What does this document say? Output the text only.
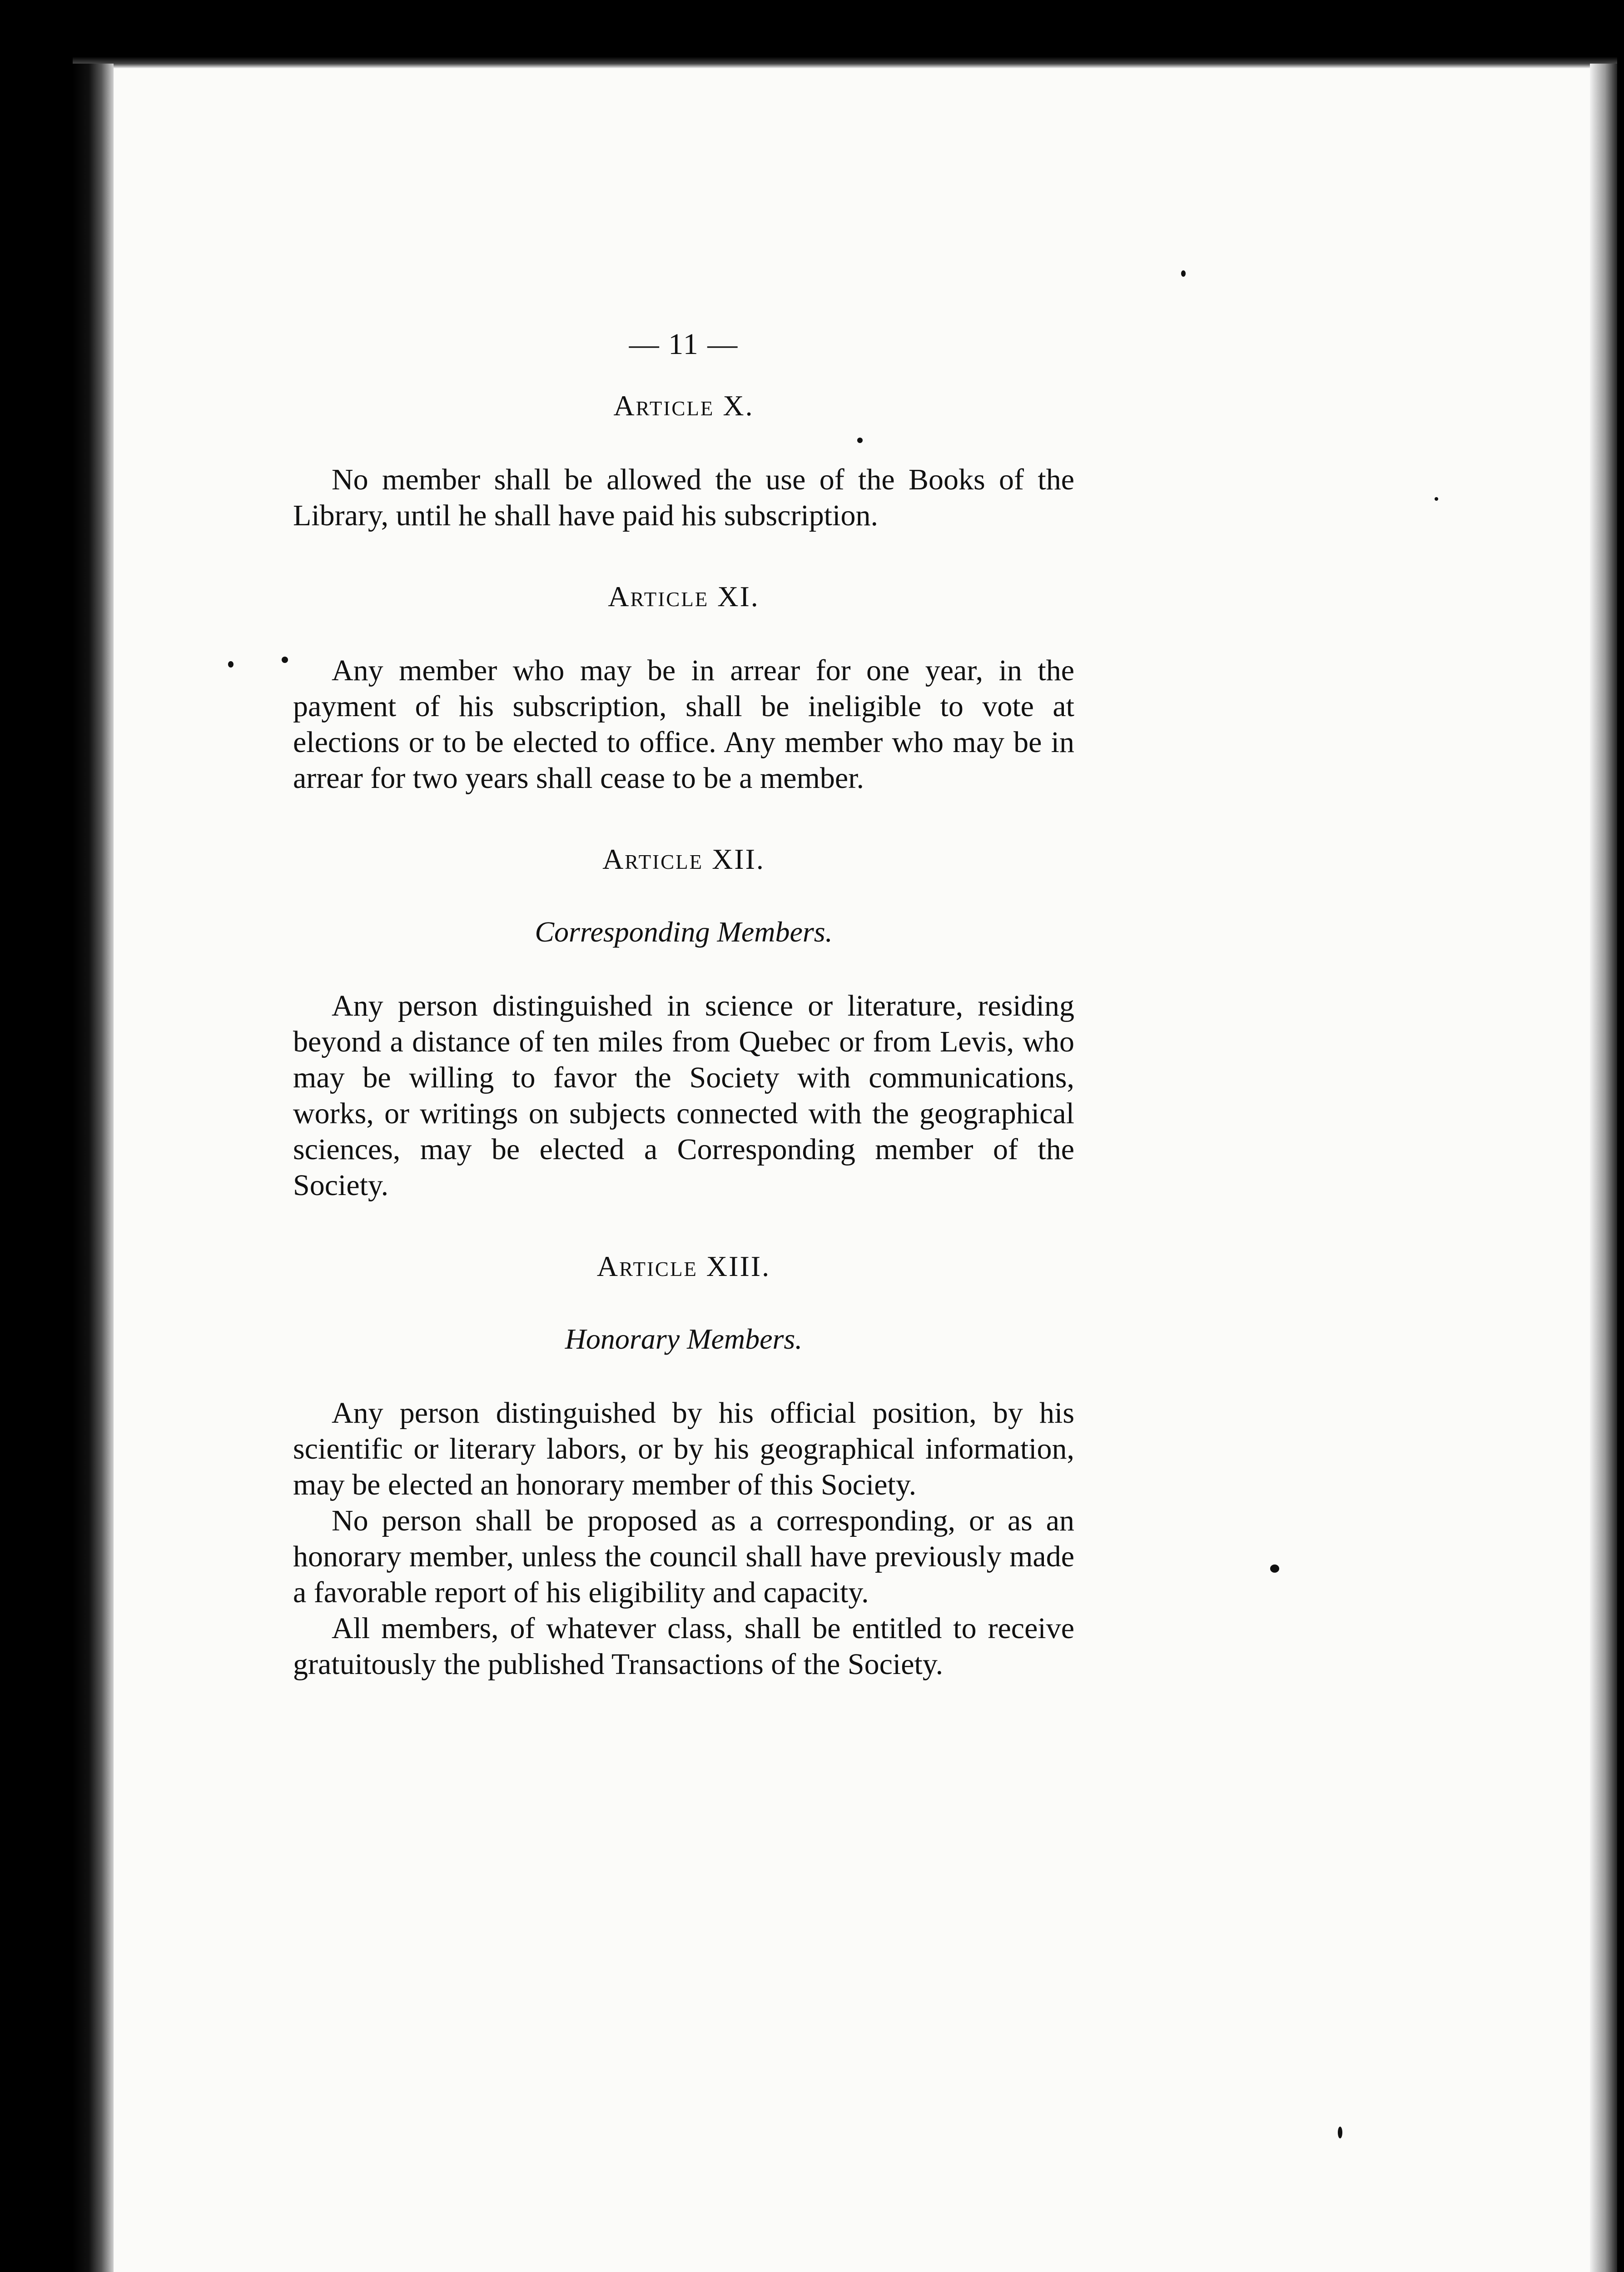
— 11 —
Article X.

No member shall be allowed the use of the Books of the Library, until he shall have paid his subscription.

Article XI.

Any member who may be in arrear for one year, in the payment of his subscription, shall be ineligible to vote at elections or to be elected to office. Any member who may be in arrear for two years shall cease to be a member.

Article XII.
Corresponding Members.

Any person distinguished in science or literature, residing beyond a distance of ten miles from Quebec or from Levis, who may be willing to favor the Society with communications, works, or writings on subjects connected with the geographical sciences, may be elected a Corresponding member of the Society.

Article XIII.
Honorary Members.

Any person distinguished by his official position, by his scientific or literary labors, or by his geographical information, may be elected an honorary member of this Society.

No person shall be proposed as a corresponding, or as an honorary member, unless the council shall have previously made a favorable report of his eligibility and capacity.

All members, of whatever class, shall be entitled to receive gratuitously the published Transactions of the Society.
